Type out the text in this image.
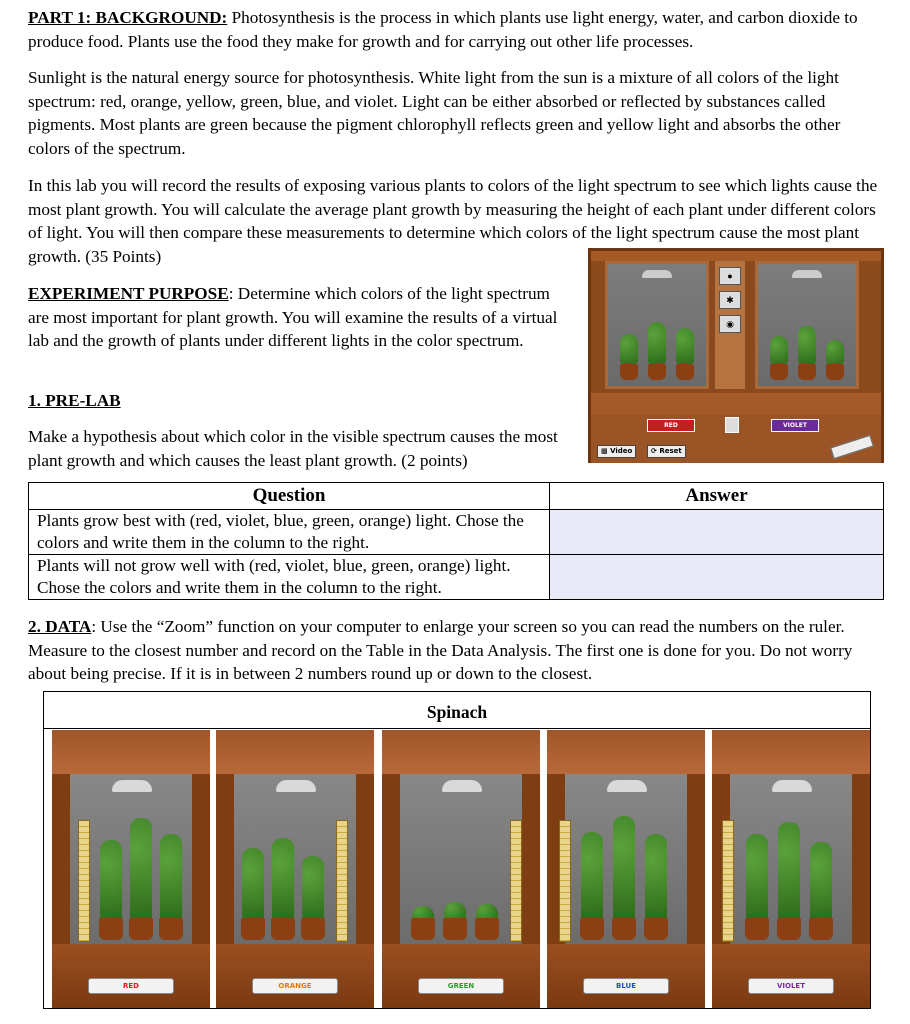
PART 1: BACKGROUND: Photosynthesis is the process in which plants use light energy, water, and carbon dioxide to produce food. Plants use the food they make for growth and for carrying out other life processes.

Sunlight is the natural energy source for photosynthesis. White light from the sun is a mixture of all colors of the light spectrum: red, orange, yellow, green, blue, and violet. Light can be either absorbed or reflected by substances called pigments. Most plants are green because the pigment chlorophyll reflects green and yellow light and absorbs the other colors of the spectrum.

In this lab you will record the results of exposing various plants to colors of the light spectrum to see which lights cause the most plant growth. You will calculate the average plant growth by measuring the height of each plant under different colors of light. You will then compare these measurements to determine which colors of the light spectrum cause the most plant growth. (35 Points)

EXPERIMENT PURPOSE: Determine which colors of the light spectrum are most important for plant growth. You will examine the results of a virtual lab and the growth of plants under different lights in the color spectrum.

1. PRE-LAB

Make a hypothesis about which color in the visible spectrum causes the most plant growth and which causes the least plant growth. (2 points)

●
✱
◉
RED	VIOLET
▩ Video	⟳ Reset
Question	Answer
Plants grow best with (red, violet, blue, green, orange) light. Chose the colors and write them in the column to the right.	
Plants will not grow well with (red, violet, blue, green, orange) light. Chose the colors and write them in the column to the right.	

2. DATA: Use the “Zoom” function on your computer to enlarge your screen so you can read the numbers on the ruler. Measure to the closest number and record on the Table in the Data Analysis. The first one is done for you. Do not worry about being precise. If it is in between 2 numbers round up or down to the closest.

Spinach
RED	ORANGE	GREEN	BLUE	VIOLET
